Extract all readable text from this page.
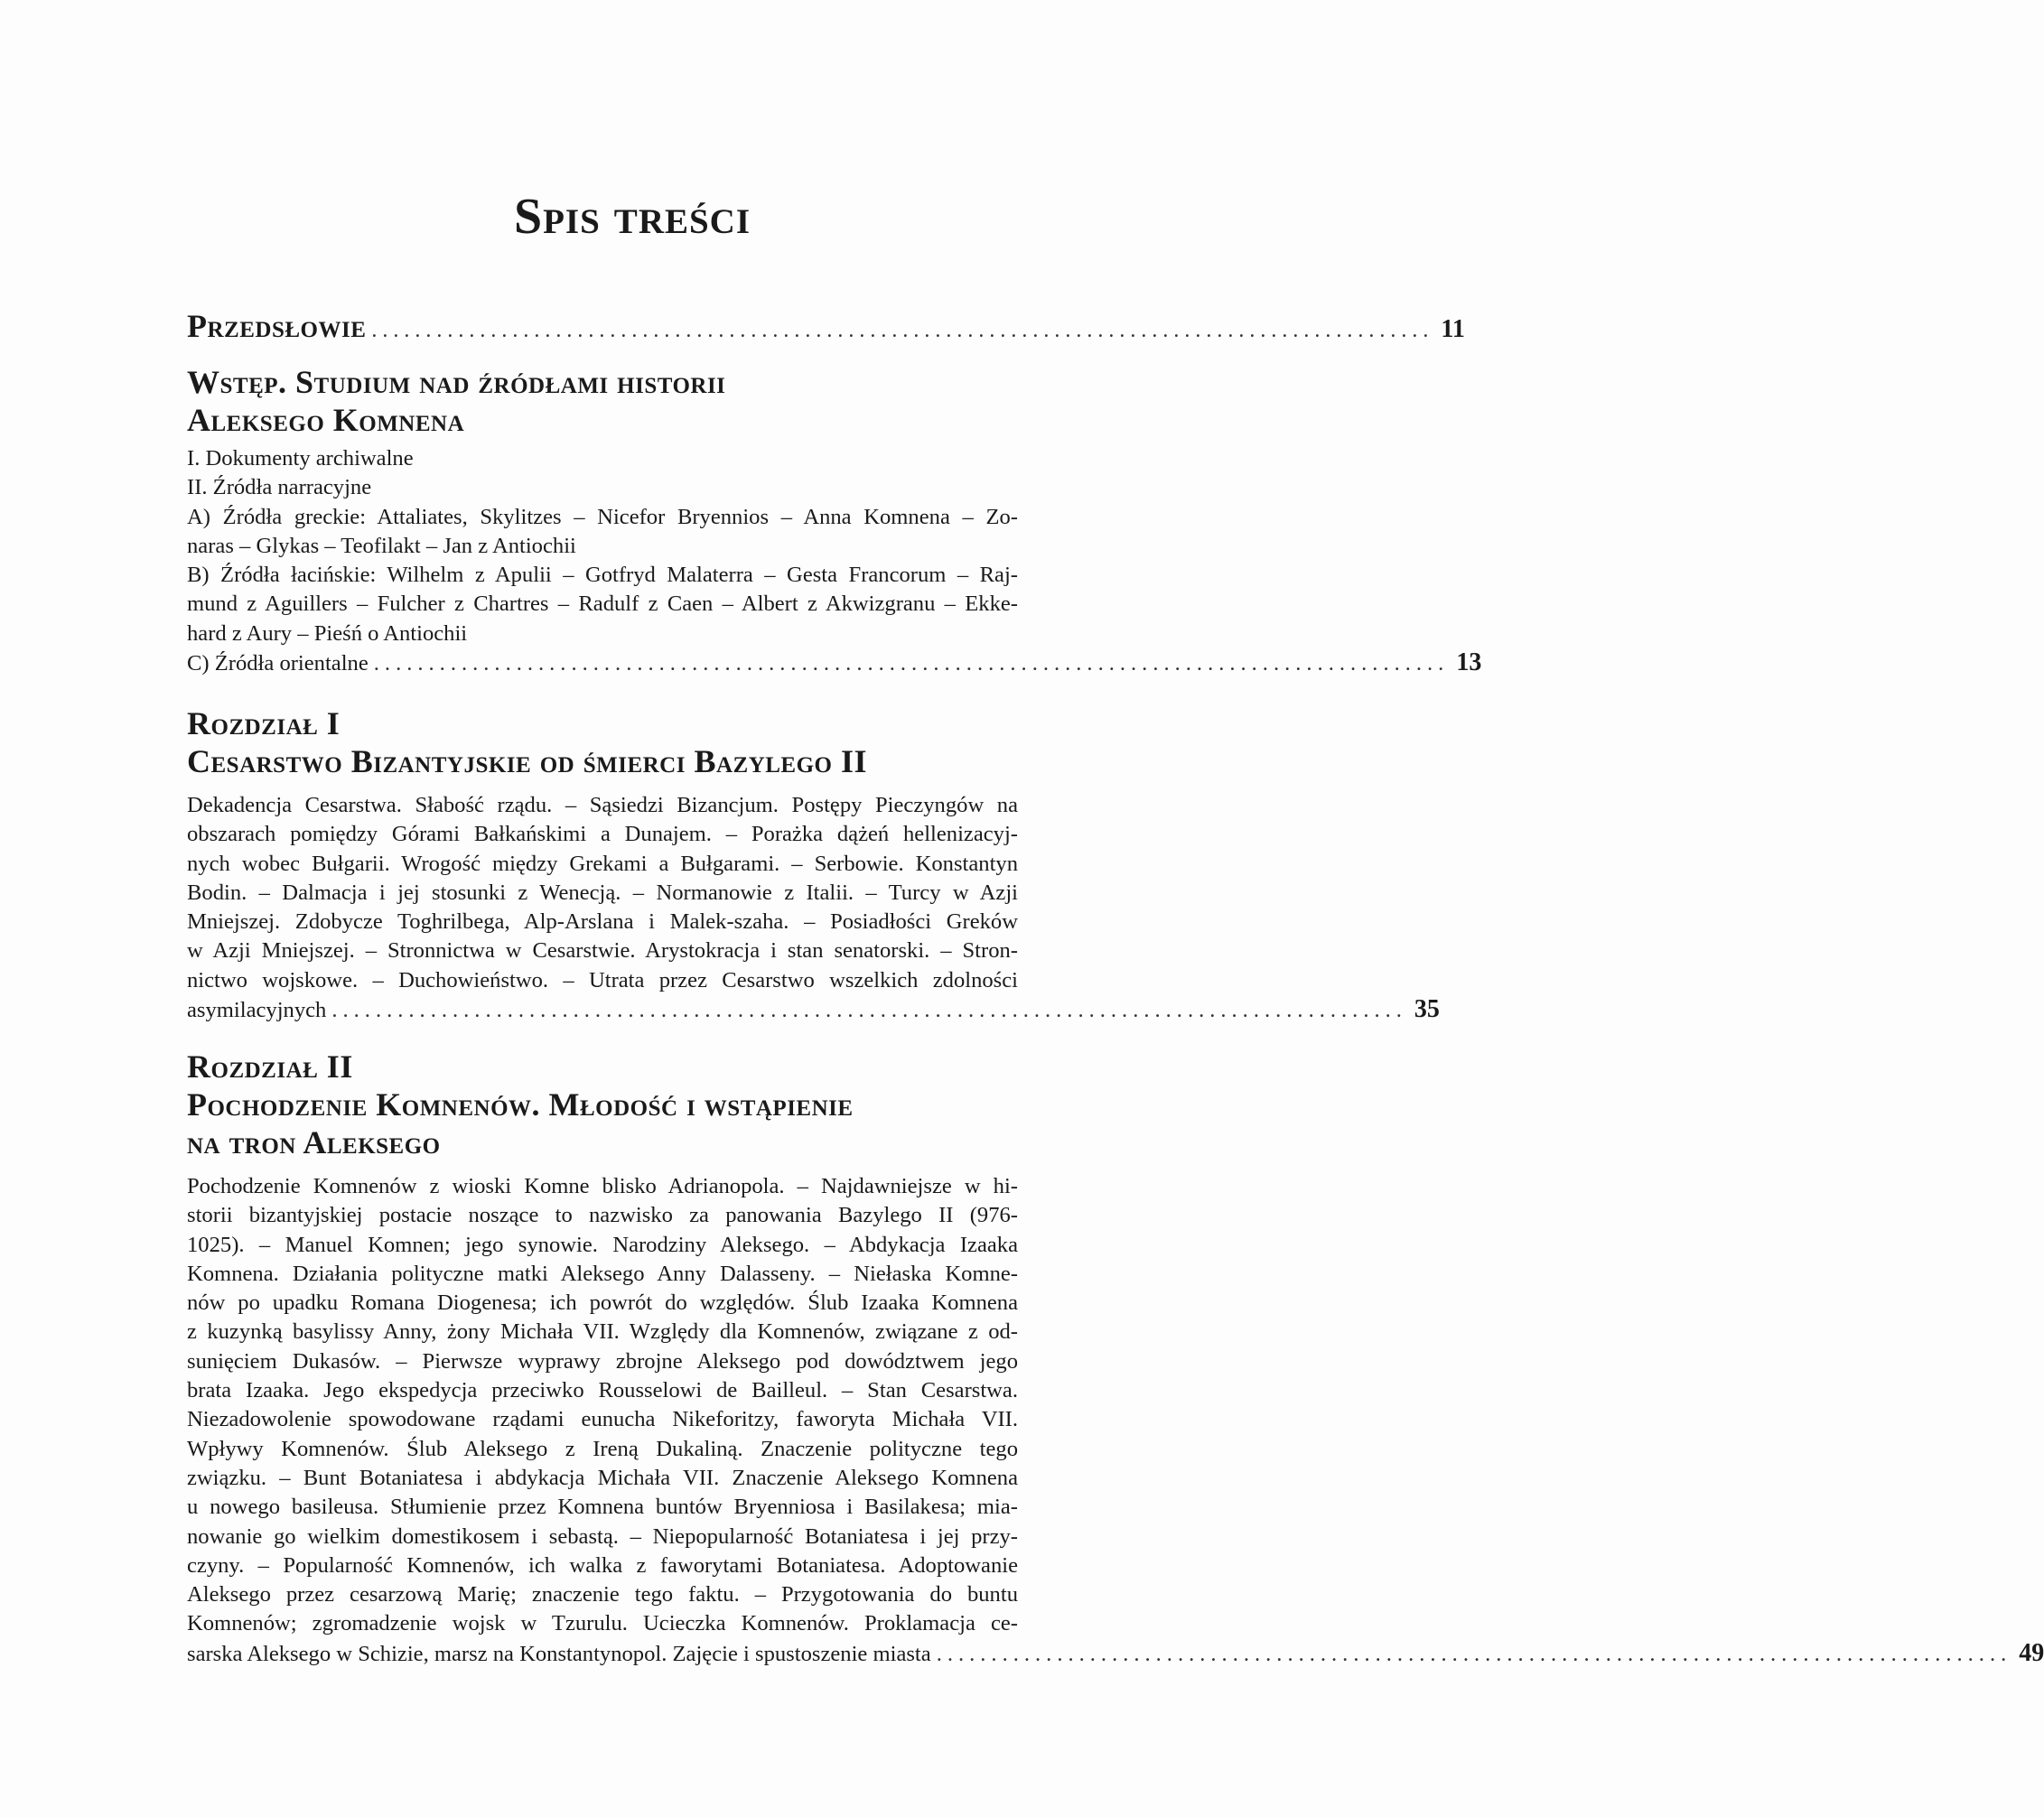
Spis treści
Przedsłowie .................................................................................................. 11
Wstęp. Studium nad źródłami historii
Aleksego Komnena
I. Dokumenty archiwalne
II. Źródła narracyjne
A) Źródła greckie: Attaliates, Skylitzes – Nicefor Bryennios – Anna Komnena – Zo-
naras – Glykas – Teofilakt – Jan z Antiochii
B) Źródła łacińskie: Wilhelm z Apulii – Gotfryd Malaterra – Gesta Francorum – Raj-
mund z Aguillers – Fulcher z Chartres – Radulf z Caen – Albert z Akwizgranu – Ekke-
hard z Aury – Pieśń o Antiochii
C) Źródła orientalne .................................................................................................. 13
Rozdział I
Cesarstwo Bizantyjskie od śmierci Bazylego II
Dekadencja Cesarstwa. Słabość rządu. – Sąsiedzi Bizancjum. Postępy Pieczyngów na
obszarach pomiędzy Górami Bałkańskimi a Dunajem. – Porażka dążeń hellenizacyj-
nych wobec Bułgarii. Wrogość między Grekami a Bułgarami. – Serbowie. Konstantyn
Bodin. – Dalmacja i jej stosunki z Wenecją. – Normanowie z Italii. – Turcy w Azji
Mniejszej. Zdobycze Toghrilbega, Alp-Arslana i Malek-szaha. – Posiadłości Greków
w Azji Mniejszej. – Stronnictwa w Cesarstwie. Arystokracja i stan senatorski. – Stron-
nictwo wojskowe. – Duchowieństwo. – Utrata przez Cesarstwo wszelkich zdolności
asymilacyjnych .................................................................................................. 35
Rozdział II
Pochodzenie Komnenów. Młodość i wstąpienie
na tron Aleksego
Pochodzenie Komnenów z wioski Komne blisko Adrianopola. – Najdawniejsze w hi-
storii bizantyjskiej postacie noszące to nazwisko za panowania Bazylego II (976-
1025). – Manuel Komnen; jego synowie. Narodziny Aleksego. – Abdykacja Izaaka
Komnena. Działania polityczne matki Aleksego Anny Dalasseny. – Niełaska Komne-
nów po upadku Romana Diogenesa; ich powrót do względów. Ślub Izaaka Komnena
z kuzynką basylissy Anny, żony Michała VII. Względy dla Komnenów, związane z od-
sunięciem Dukasów. – Pierwsze wyprawy zbrojne Aleksego pod dowództwem jego
brata Izaaka. Jego ekspedycja przeciwko Rousselowi de Bailleul. – Stan Cesarstwa.
Niezadowolenie spowodowane rządami eunucha Nikeforitzy, faworyta Michała VII.
Wpływy Komnenów. Ślub Aleksego z Ireną Dukaliną. Znaczenie polityczne tego
związku. – Bunt Botaniatesa i abdykacja Michała VII. Znaczenie Aleksego Komnena
u nowego basileusa. Stłumienie przez Komnena buntów Bryenniosa i Basilakesa; mia-
nowanie go wielkim domestikosem i sebastą. – Niepopularność Botaniatesa i jej przy-
czyny. – Popularność Komnenów, ich walka z faworytami Botaniatesa. Adoptowanie
Aleksego przez cesarzową Marię; znaczenie tego faktu. – Przygotowania do buntu
Komnenów; zgromadzenie wojsk w Tzurulu. Ucieczka Komnenów. Proklamacja ce-
sarska Aleksego w Schizie, marsz na Konstantynopol. Zajęcie i spustoszenie miasta .................................................................................................. 49
